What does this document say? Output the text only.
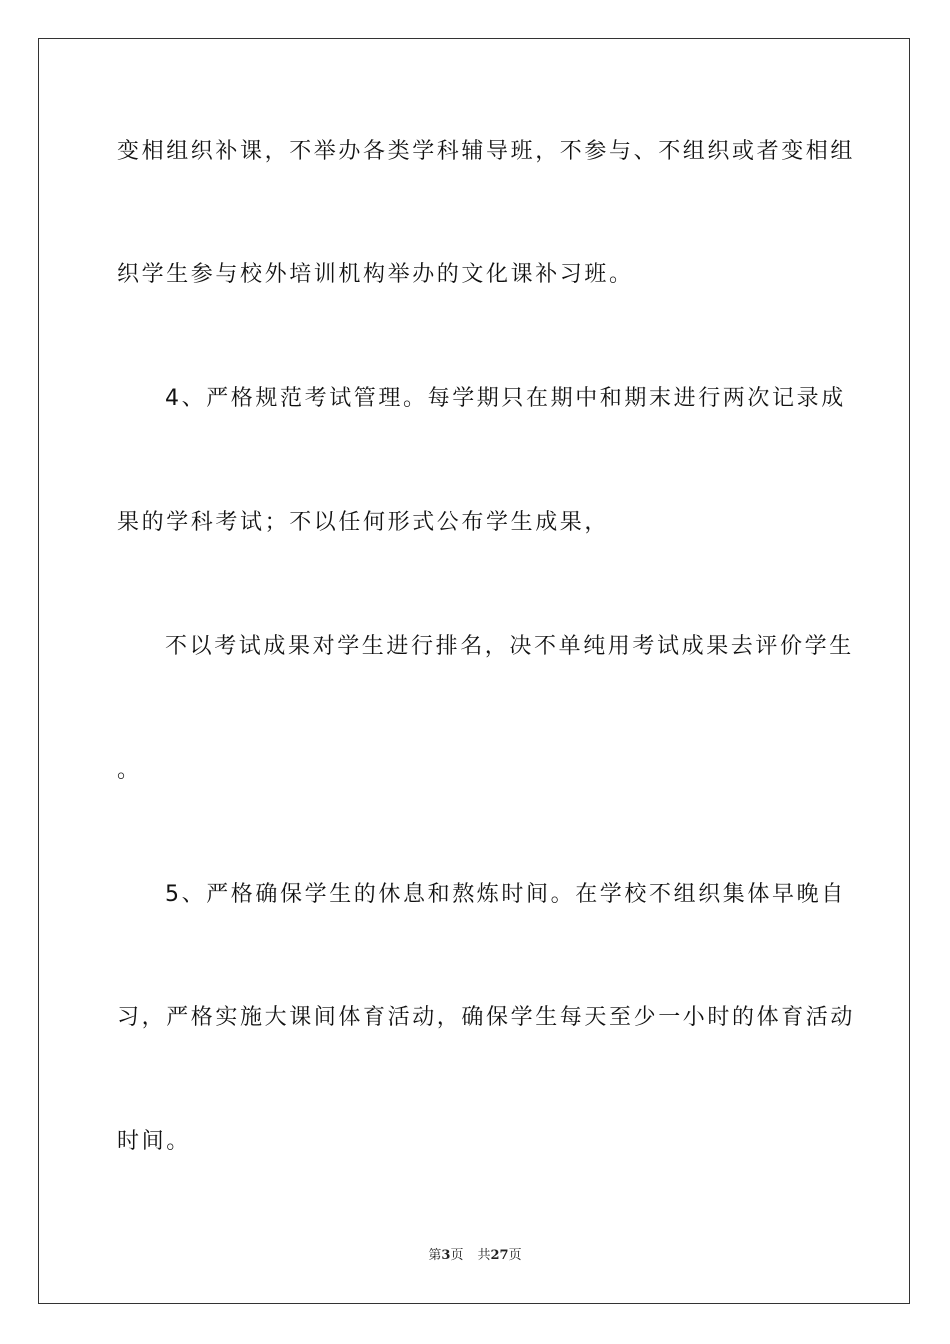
变相组织补课，不举办各类学科辅导班，不参与、不组织或者变相组
织学生参与校外培训机构举办的文化课补习班。
4、严格规范考试管理。每学期只在期中和期末进行两次记录成
果的学科考试；不以任何形式公布学生成果，
不以考试成果对学生进行排名，决不单纯用考试成果去评价学生
。
5、严格确保学生的休息和熬炼时间。在学校不组织集体早晚自
习，严格实施大课间体育活动，确保学生每天至少一小时的体育活动
时间。
第3页 共27页
